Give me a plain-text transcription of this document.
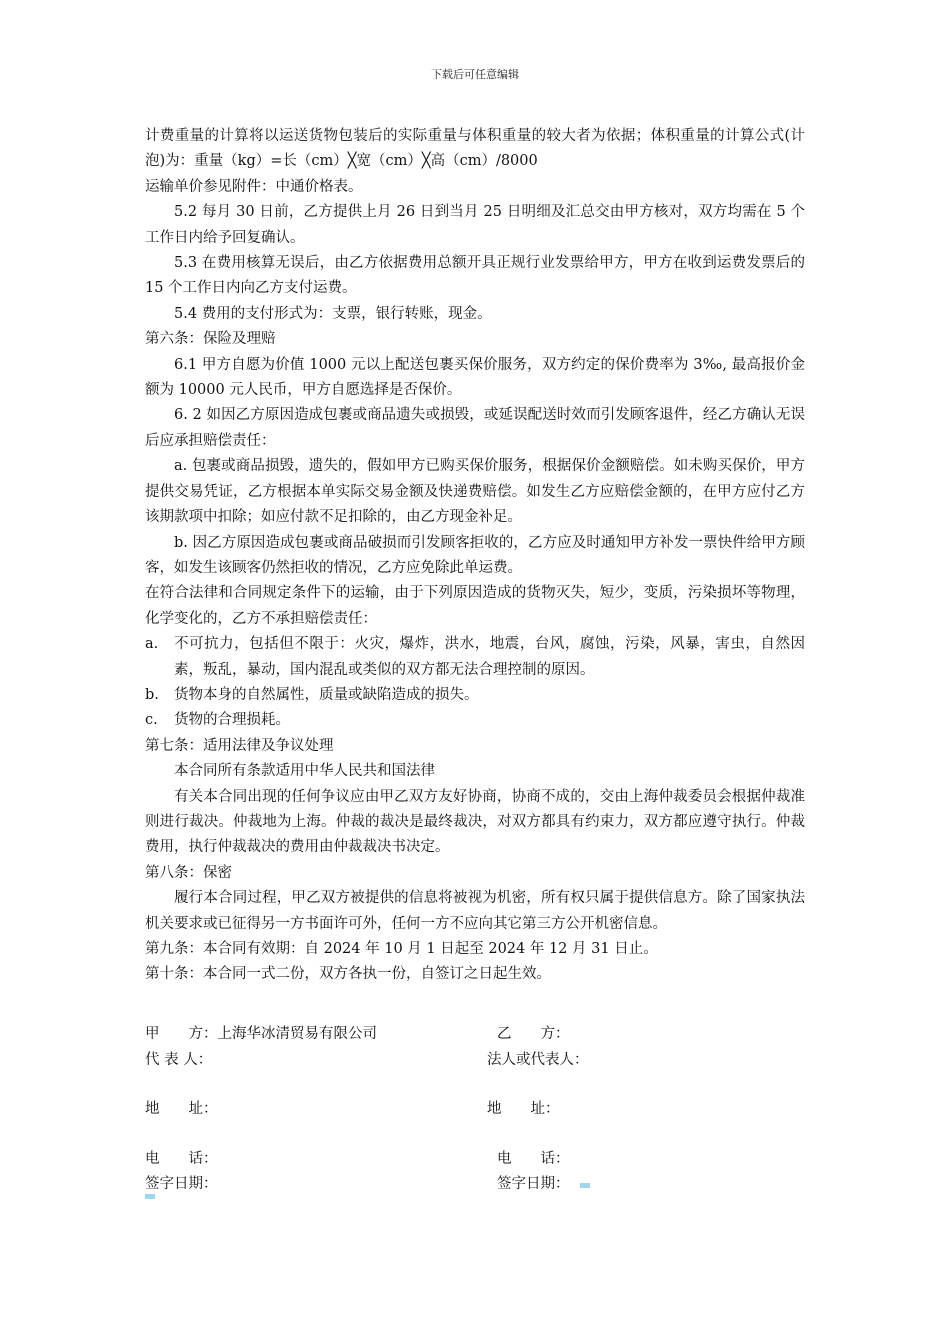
下载后可任意编辑

计费重量的计算将以运送货物包装后的实际重量与体积重量的较大者为依据；体积重量的计算公式(计泡)为：重量（kg）=长（cm）╳宽（cm）╳高（cm）/8000

运输单价参见附件：中通价格表。

5.2 每月 30 日前，乙方提供上月 26 日到当月 25 日明细及汇总交由甲方核对，双方均需在 5 个工作日内给予回复确认。

5.3 在费用核算无误后，由乙方依据费用总额开具正规行业发票给甲方，甲方在收到运费发票后的 15 个工作日内向乙方支付运费。

5.4 费用的支付形式为：支票，银行转账，现金。

第六条：保险及理赔

6.1 甲方自愿为价值 1000 元以上配送包裹买保价服务，双方约定的保价费率为 3‰, 最高报价金额为 10000 元人民币，甲方自愿选择是否保价。

6. 2 如因乙方原因造成包裹或商品遗失或损毁，或延误配送时效而引发顾客退件，经乙方确认无误后应承担赔偿责任：

a. 包裹或商品损毁，遗失的，假如甲方已购买保价服务，根据保价金额赔偿。如未购买保价，甲方提供交易凭证，乙方根据本单实际交易金额及快递费赔偿。如发生乙方应赔偿金额的，在甲方应付乙方该期款项中扣除；如应付款不足扣除的，由乙方现金补足。

b. 因乙方原因造成包裹或商品破损而引发顾客拒收的，乙方应及时通知甲方补发一票快件给甲方顾客，如发生该顾客仍然拒收的情况，乙方应免除此单运费。

在符合法律和合同规定条件下的运输，由于下列原因造成的货物灭失，短少，变质，污染损坏等物理，化学变化的，乙方不承担赔偿责任：

a.	不可抗力，包括但不限于：火灾，爆炸，洪水，地震，台风，腐蚀，污染，风暴，害虫，自然因素，叛乱，暴动，国内混乱或类似的双方都无法合理控制的原因。
b.	货物本身的自然属性，质量或缺陷造成的损失。
c.	货物的合理损耗。

第七条：适用法律及争议处理

本合同所有条款适用中华人民共和国法律

有关本合同出现的任何争议应由甲乙双方友好协商，协商不成的，交由上海仲裁委员会根据仲裁准则进行裁决。仲裁地为上海。仲裁的裁决是最终裁决，对双方都具有约束力，双方都应遵守执行。仲裁费用，执行仲裁裁决的费用由仲裁裁决书决定。

第八条：保密

履行本合同过程，甲乙双方被提供的信息将被视为机密，所有权只属于提供信息方。除了国家执法机关要求或已征得另一方书面许可外，任何一方不应向其它第三方公开机密信息。

第九条：本合同有效期：自 2024 年 10 月 1 日起至 2024 年 12 月 31 日止。

第十条：本合同一式二份，双方各执一份，自签订之日起生效。

甲　　方：上海华冰清贸易有限公司	乙　　方：
代 表 人：	法人或代表人：
地　　址：	地　　址：
电　　话：	电　　话：
签字日期：	签字日期：
